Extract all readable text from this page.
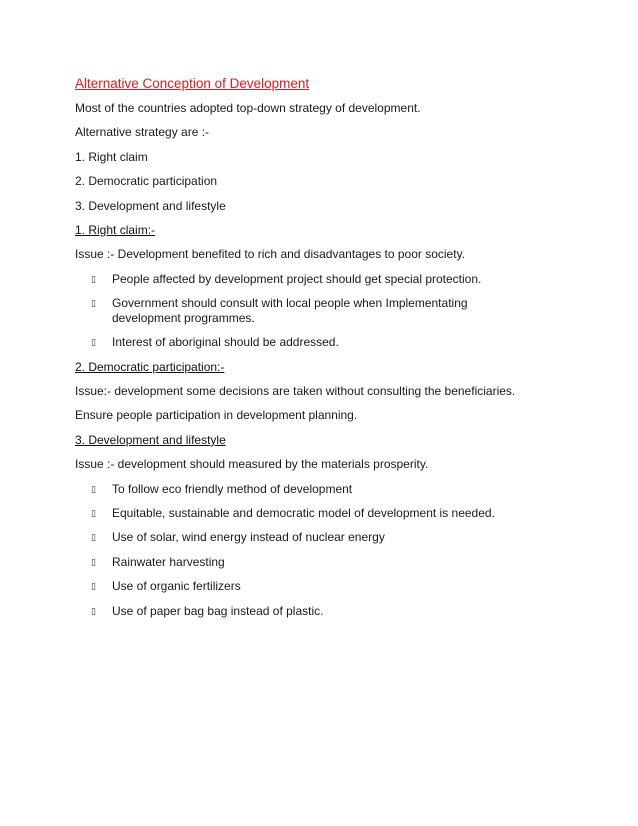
Alternative Conception of Development

Most of the countries adopted top-down strategy of development.

Alternative strategy are :-

1. Right claim

2. Democratic participation

3. Development and lifestyle

1. Right claim:-

Issue :- Development benefited to rich and disadvantages to poor society.

▯	People affected by development project should get special protection.
▯	Government should consult with local people when Implementating development programmes.
▯	Interest of aboriginal should be addressed.
2. Democratic participation:-

Issue:- development some decisions are taken without consulting the beneficiaries.

Ensure people participation in development planning.

3. Development and lifestyle

Issue :- development should measured by the materials prosperity.

▯	To follow eco friendly method of development
▯	Equitable, sustainable and democratic model of development is needed.
▯	Use of solar, wind energy instead of nuclear energy
▯	Rainwater harvesting
▯	Use of organic fertilizers
▯	Use of paper bag bag instead of plastic.
